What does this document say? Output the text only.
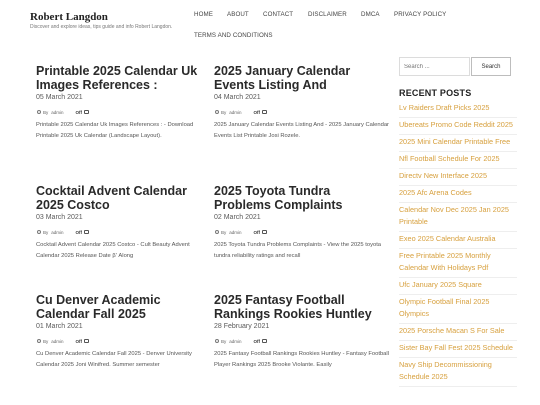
Robert Langdon
Discover and explore ideas, tips guide and info Robert Langdon.
HOME ABOUT CONTACT DISCLAIMER DMCA PRIVACY POLICY
TERMS AND CONDITIONS
Printable 2025 Calendar Uk Images References :
05 March 2021
By admin	Off

Printable 2025 Calendar Uk Images References : - Download Printable 2025 Uk Calendar (Landscape Layout).

2025 January Calendar Events Listing And
04 March 2021
By admin	Off

2025 January Calendar Events Listing And - 2025 January Calendar Events List Printable Josi Rozele.

Cocktail Advent Calendar 2025 Costco
03 March 2021
By admin	Off

Cocktail Advent Calendar 2025 Costco - Cult Beauty Advent Calendar 2025 Release Date β' Along

2025 Toyota Tundra Problems Complaints
02 March 2021
By admin	Off

2025 Toyota Tundra Problems Complaints - View the 2025 toyota tundra reliability ratings and recall

Cu Denver Academic Calendar Fall 2025
01 March 2021
By admin	Off

Cu Denver Academic Calendar Fall 2025 - Denver University Calendar 2025 Joni Winifred. Summer semester

2025 Fantasy Football Rankings Rookies Huntley
28 February 2021
By admin	Off

2025 Fantasy Football Rankings Rookies Huntley - Fantasy Football Player Rankings 2025 Brooke Violante. Easily

Search ...
Search
RECENT POSTS
Lv Raiders Draft Picks 2025
Ubereats Promo Code Reddit 2025
2025 Mini Calendar Printable Free
Nfl Football Schedule For 2025
Directv New Interface 2025
2025 Afc Arena Codes
Calendar Nov Dec 2025 Jan 2025 Printable
Exeo 2025 Calendar Australia
Free Printable 2025 Monthly Calendar With Holidays Pdf
Ufc January 2025 Square
Olympic Football Final 2025 Olympics
2025 Porsche Macan S For Sale
Sister Bay Fall Fest 2025 Schedule
Navy Ship Decommissioning Schedule 2025
